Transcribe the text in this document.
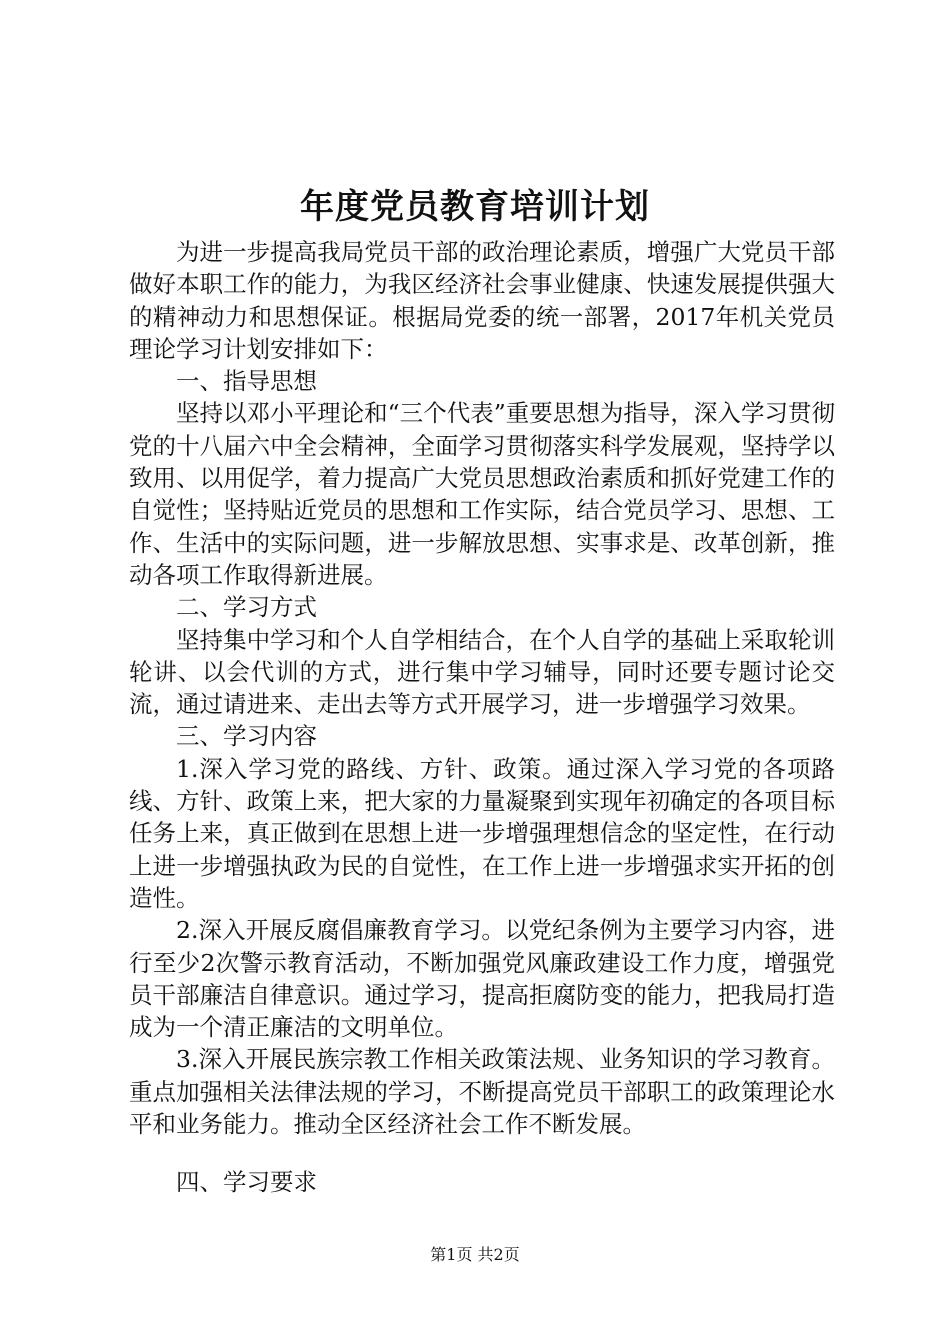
年度党员教育培训计划

为进一步提高我局党员干部的政治理论素质，增强广大党员干部做好本职工作的能力，为我区经济社会事业健康、快速发展提供强大的精神动力和思想保证。根据局党委的统一部署，2017年机关党员理论学习计划安排如下：

一、指导思想

坚持以邓小平理论和“三个代表”重要思想为指导，深入学习贯彻党的十八届六中全会精神，全面学习贯彻落实科学发展观，坚持学以致用、以用促学，着力提高广大党员思想政治素质和抓好党建工作的自觉性；坚持贴近党员的思想和工作实际，结合党员学习、思想、工作、生活中的实际问题，进一步解放思想、实事求是、改革创新，推动各项工作取得新进展。

二、学习方式

坚持集中学习和个人自学相结合，在个人自学的基础上采取轮训轮讲、以会代训的方式，进行集中学习辅导，同时还要专题讨论交流，通过请进来、走出去等方式开展学习，进一步增强学习效果。

三、学习内容

1.深入学习党的路线、方针、政策。通过深入学习党的各项路线、方针、政策上来，把大家的力量凝聚到实现年初确定的各项目标任务上来，真正做到在思想上进一步增强理想信念的坚定性，在行动上进一步增强执政为民的自觉性，在工作上进一步增强求实开拓的创造性。

2.深入开展反腐倡廉教育学习。以党纪条例为主要学习内容，进行至少2次警示教育活动，不断加强党风廉政建设工作力度，增强党员干部廉洁自律意识。通过学习，提高拒腐防变的能力，把我局打造成为一个清正廉洁的文明单位。

3.深入开展民族宗教工作相关政策法规、业务知识的学习教育。重点加强相关法律法规的学习，不断提高党员干部职工的政策理论水平和业务能力。推动全区经济社会工作不断发展。

四、学习要求

第1页 共2页
